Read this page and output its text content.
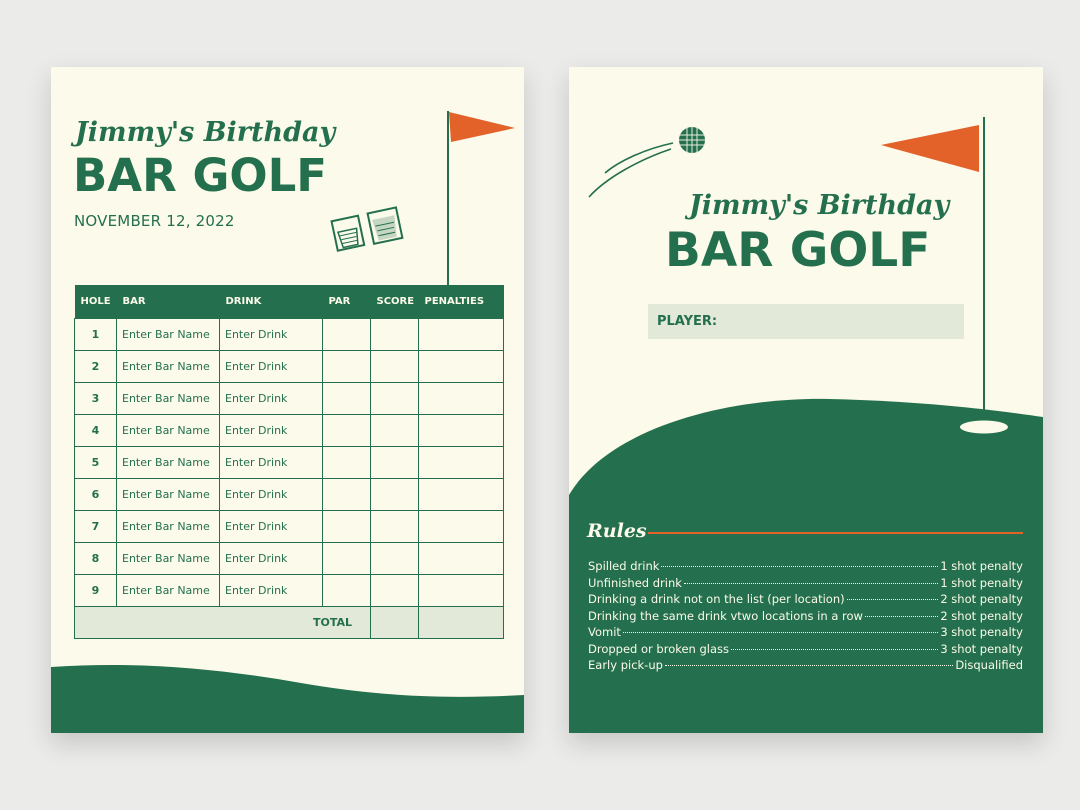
Jimmy's Birthday
BAR GOLF
NOVEMBER 12, 2022
HOLE	BAR	DRINK	PAR	SCORE	PENALTIES
1	Enter Bar Name	Enter Drink			
2	Enter Bar Name	Enter Drink			
3	Enter Bar Name	Enter Drink			
4	Enter Bar Name	Enter Drink			
5	Enter Bar Name	Enter Drink			
6	Enter Bar Name	Enter Drink			
7	Enter Bar Name	Enter Drink			
8	Enter Bar Name	Enter Drink			
9	Enter Bar Name	Enter Drink			
TOTAL					
Jimmy's Birthday
BAR GOLF
PLAYER:
Rules
Spilled drink	1 shot penalty
Unfinished drink	1 shot penalty
Drinking a drink not on the list (per location)	2 shot penalty
Drinking the same drink vtwo locations in a row	2 shot penalty
Vomit	3 shot penalty
Dropped or broken glass	3 shot penalty
Early pick-up	Disqualified
